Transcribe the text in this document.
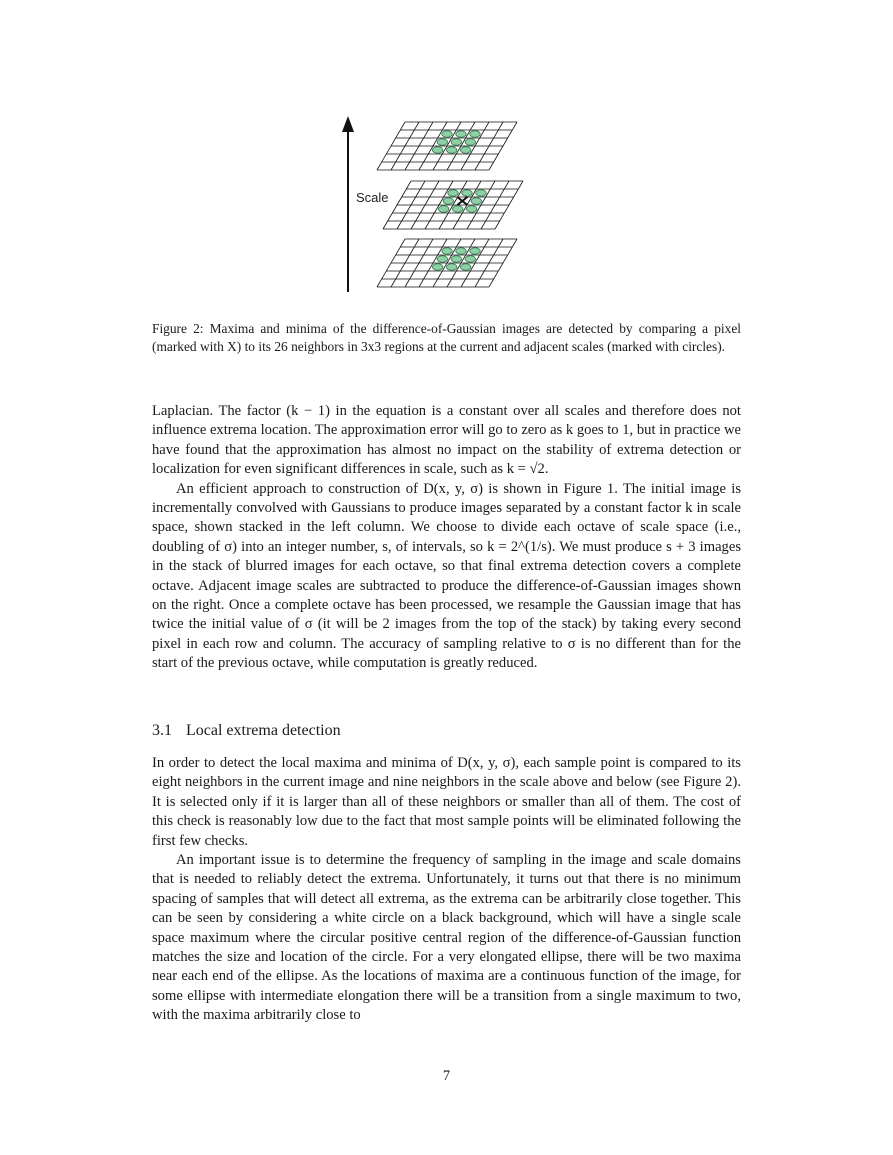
Scale
Figure 2: Maxima and minima of the difference-of-Gaussian images are detected by comparing a pixel (marked with X) to its 26 neighbors in 3x3 regions at the current and adjacent scales (marked with circles).

Laplacian. The factor (k − 1) in the equation is a constant over all scales and therefore does not influence extrema location. The approximation error will go to zero as k goes to 1, but in practice we have found that the approximation has almost no impact on the stability of extrema detection or localization for even significant differences in scale, such as k = √2.

An efficient approach to construction of D(x, y, σ) is shown in Figure 1. The initial image is incrementally convolved with Gaussians to produce images separated by a constant factor k in scale space, shown stacked in the left column. We choose to divide each octave of scale space (i.e., doubling of σ) into an integer number, s, of intervals, so k = 2^(1/s). We must produce s + 3 images in the stack of blurred images for each octave, so that final extrema detection covers a complete octave. Adjacent image scales are subtracted to produce the difference-of-Gaussian images shown on the right. Once a complete octave has been processed, we resample the Gaussian image that has twice the initial value of σ (it will be 2 images from the top of the stack) by taking every second pixel in each row and column. The accuracy of sampling relative to σ is no different than for the start of the previous octave, while computation is greatly reduced.

3.1 Local extrema detection

In order to detect the local maxima and minima of D(x, y, σ), each sample point is compared to its eight neighbors in the current image and nine neighbors in the scale above and below (see Figure 2). It is selected only if it is larger than all of these neighbors or smaller than all of them. The cost of this check is reasonably low due to the fact that most sample points will be eliminated following the first few checks.

An important issue is to determine the frequency of sampling in the image and scale domains that is needed to reliably detect the extrema. Unfortunately, it turns out that there is no minimum spacing of samples that will detect all extrema, as the extrema can be arbitrarily close together. This can be seen by considering a white circle on a black background, which will have a single scale space maximum where the circular positive central region of the difference-of-Gaussian function matches the size and location of the circle. For a very elongated ellipse, there will be two maxima near each end of the ellipse. As the locations of maxima are a continuous function of the image, for some ellipse with intermediate elongation there will be a transition from a single maximum to two, with the maxima arbitrarily close to

7
